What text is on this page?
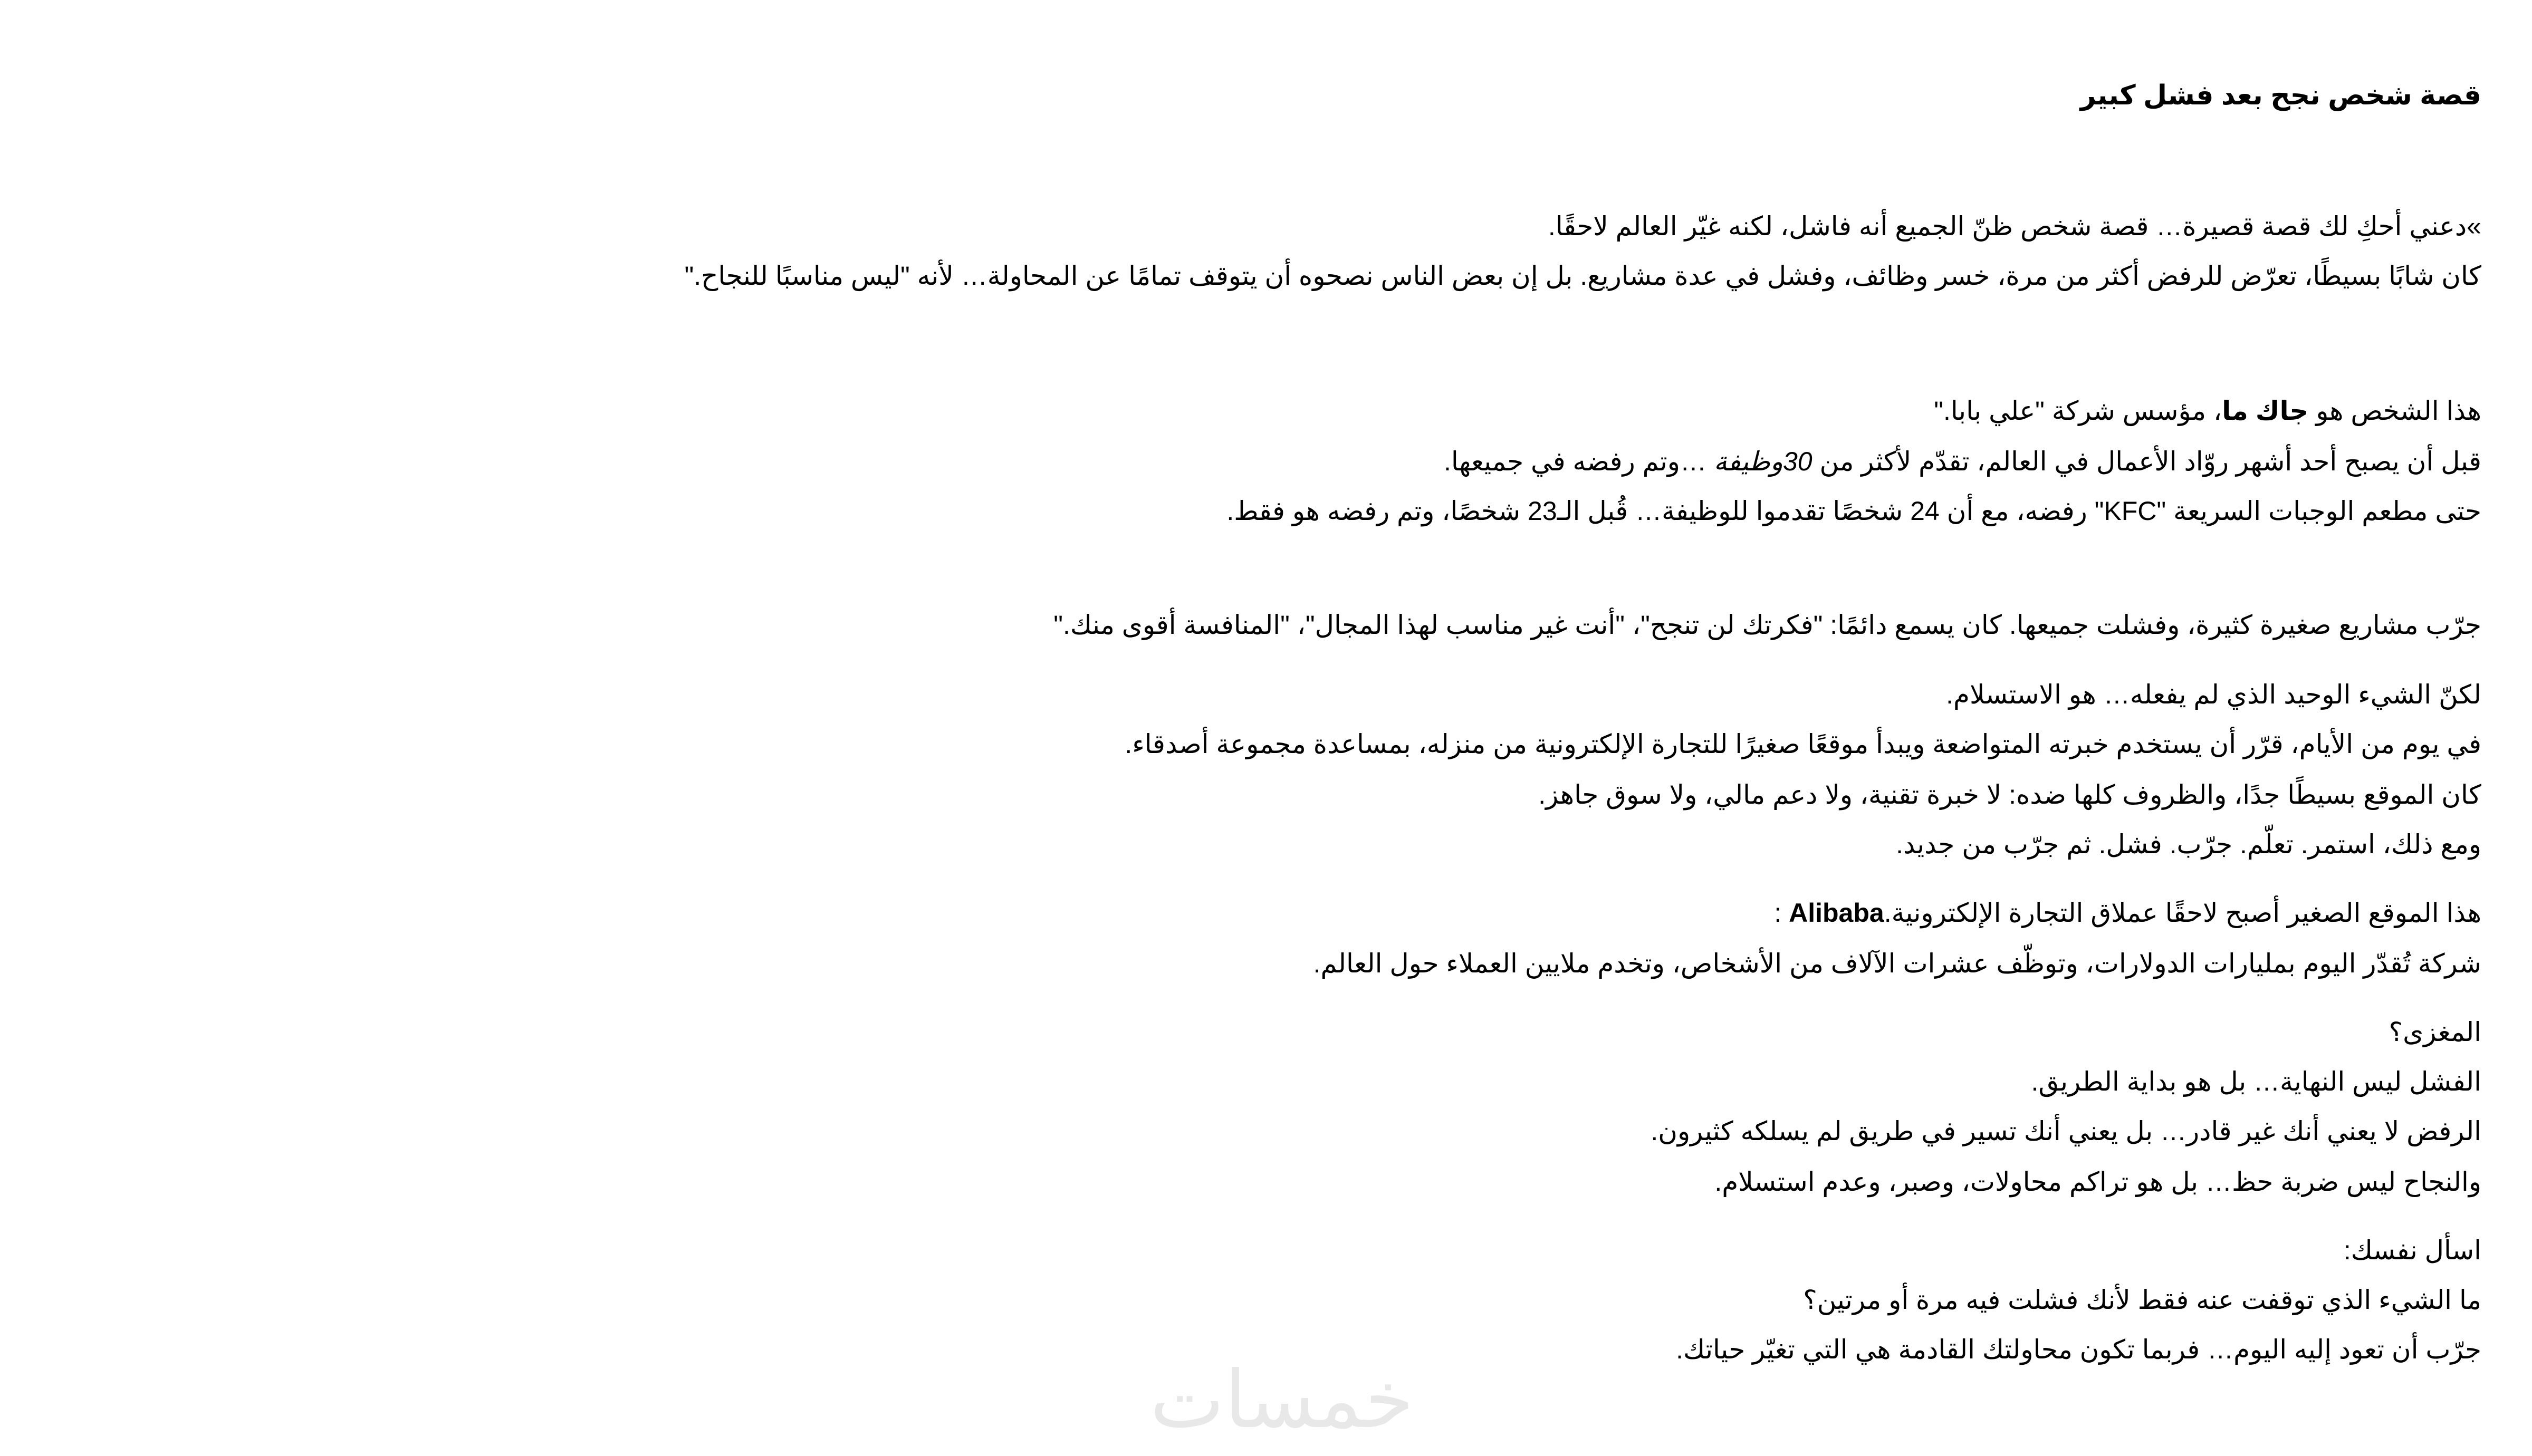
قصة شخص نجح بعد فشل كبير
»دعني أحكِ لك قصة قصيرة… قصة شخص ظنّ الجميع أنه فاشل، لكنه غيّر العالم لاحقًا.
كان شابًا بسيطًا، تعرّض للرفض أكثر من مرة، خسر وظائف، وفشل في عدة مشاريع. بل إن بعض الناس نصحوه أن يتوقف تمامًا عن المحاولة… لأنه "ليس مناسبًا للنجاح."
هذا الشخص هو جاك ما، مؤسس شركة "علي بابا."
قبل أن يصبح أحد أشهر روّاد الأعمال في العالم، تقدّم لأكثر من 30وظيفة …وتم رفضه في جميعها.
حتى مطعم الوجبات السريعة "KFC" رفضه، مع أن 24 شخصًا تقدموا للوظيفة… قُبل الـ23 شخصًا، وتم رفضه هو فقط.
جرّب مشاريع صغيرة كثيرة، وفشلت جميعها. كان يسمع دائمًا: "فكرتك لن تنجح"، "أنت غير مناسب لهذا المجال"، "المنافسة أقوى منك."
لكنّ الشيء الوحيد الذي لم يفعله… هو الاستسلام.
في يوم من الأيام، قرّر أن يستخدم خبرته المتواضعة ويبدأ موقعًا صغيرًا للتجارة الإلكترونية من منزله، بمساعدة مجموعة أصدقاء.
كان الموقع بسيطًا جدًا، والظروف كلها ضده: لا خبرة تقنية، ولا دعم مالي، ولا سوق جاهز.
ومع ذلك، استمر. تعلّم. جرّب. فشل. ثم جرّب من جديد.
هذا الموقع الصغير أصبح لاحقًا عملاق التجارة الإلكترونية.Alibaba :
شركة تُقدّر اليوم بمليارات الدولارات، وتوظّف عشرات الآلاف من الأشخاص، وتخدم ملايين العملاء حول العالم.
المغزى؟
الفشل ليس النهاية… بل هو بداية الطريق.
الرفض لا يعني أنك غير قادر… بل يعني أنك تسير في طريق لم يسلكه كثيرون.
والنجاح ليس ضربة حظ… بل هو تراكم محاولات، وصبر، وعدم استسلام.
اسأل نفسك:
ما الشيء الذي توقفت عنه فقط لأنك فشلت فيه مرة أو مرتين؟
جرّب أن تعود إليه اليوم… فربما تكون محاولتك القادمة هي التي تغيّر حياتك.
خمسات
